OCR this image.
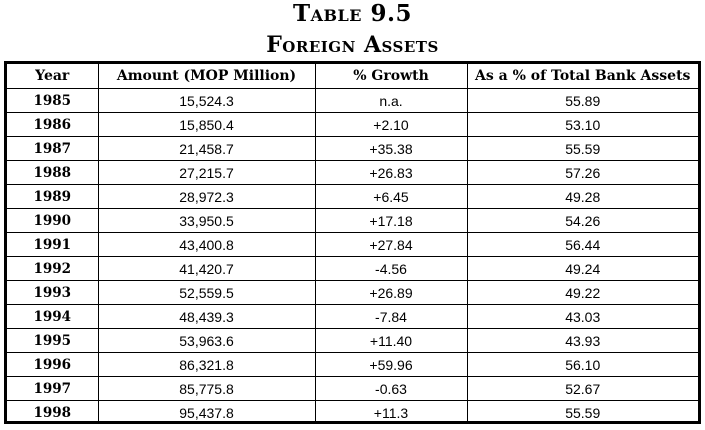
Table 9.5
Foreign Assets
Year	Amount (MOP Million)	% Growth	As a % of Total Bank Assets
1985	15,524.3	n.a.	55.89
1986	15,850.4	+2.10	53.10
1987	21,458.7	+35.38	55.59
1988	27,215.7	+26.83	57.26
1989	28,972.3	+6.45	49.28
1990	33,950.5	+17.18	54.26
1991	43,400.8	+27.84	56.44
1992	41,420.7	-4.56	49.24
1993	52,559.5	+26.89	49.22
1994	48,439.3	-7.84	43.03
1995	53,963.6	+11.40	43.93
1996	86,321.8	+59.96	56.10
1997	85,775.8	-0.63	52.67
1998	95,437.8	+11.3	55.59
